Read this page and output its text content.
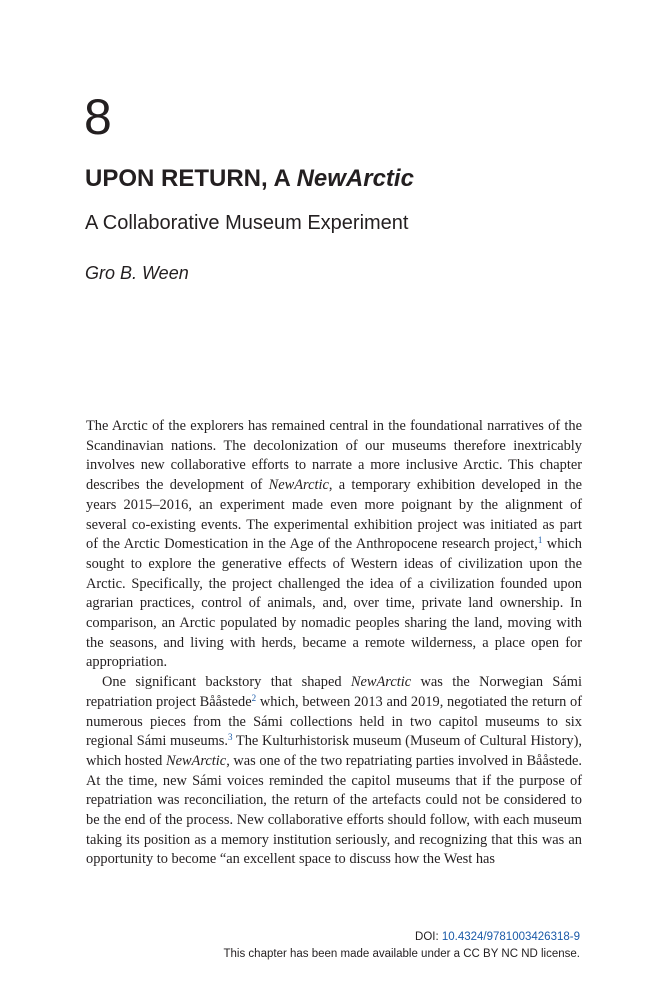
8
UPON RETURN, A NewArctic
A Collaborative Museum Experiment
Gro B. Ween

The Arctic of the explorers has remained central in the foundational narratives of the Scandinavian nations. The decolonization of our museums therefore inextricably involves new collaborative efforts to narrate a more inclusive Arctic. This chapter describes the development of NewArctic, a temporary exhibition developed in the years 2015–2016, an experiment made even more poignant by the alignment of several co-existing events. The experimental exhibition project was initiated as part of the Arctic Domestication in the Age of the Anthropocene research project,$^1$ which sought to explore the generative effects of Western ideas of civilization upon the Arctic. Specifically, the project challenged the idea of a civilization founded upon agrarian practices, control of animals, and, over time, private land ownership. In comparison, an Arctic populated by nomadic peoples sharing the land, moving with the seasons, and living with herds, became a remote wilderness, a place open for appropriation.

One significant backstory that shaped NewArctic was the Norwegian Sámi repatriation project Bååstede$^2$ which, between 2013 and 2019, negotiated the return of numerous pieces from the Sámi collections held in two capitol museums to six regional Sámi museums.$^3$ The Kulturhistorisk museum (Museum of Cultural History), which hosted NewArctic, was one of the two repatriating parties involved in Bååstede. At the time, new Sámi voices reminded the capitol museums that if the purpose of repatriation was reconciliation, the return of the artefacts could not be considered to be the end of the process. New collaborative efforts should follow, with each museum taking its position as a memory institution seriously, and recognizing that this was an opportunity to become “an excellent space to discuss how the West has

DOI: 10.4324/9781003426318-9
This chapter has been made available under a CC BY NC ND license.
